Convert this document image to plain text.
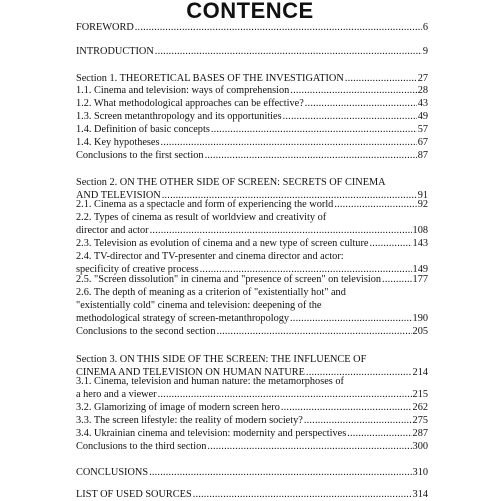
CONTENCE
FOREWORD .....	6
INTRODUCTION .....	9
Section 1. THEORETICAL BASES OF THE INVESTIGATION .....	27
1.1. Cinema and television: ways of comprehension .....	28
1.2. What methodological approaches can be effective? .....	43
1.3. Screen metanthropology and its opportunities .....	49
1.4. Definition of basic concepts .....	57
1.4. Key hypotheses .....	67
Conclusions to the first section .....	87
Section 2. ON THE OTHER SIDE OF SCREEN: SECRETS OF CINEMA
AND TELEVISION .....	91
2.1. Cinema as a spectacle and form of experiencing the world .....	92
2.2. Types of cinema as result of worldview and creativity of
director and actor .....	108
2.3. Television as evolution of cinema and a new type of screen culture .....	143
2.4. TV-director and TV-presenter and cinema director and actor:
specificity of creative process .....	149
2.5. "Screen dissolution" in cinema and "presence of screen" on television .....	177
2.6. The depth of meaning as a criterion of "existentially hot" and
"existentially cold" cinema and television: deepening of the
methodological strategy of screen-metanthropology .....	190
Conclusions to the second section .....	205
Section 3. ON THIS SIDE OF THE SCREEN: THE INFLUENCE OF
CINEMA AND TELEVISION ON HUMAN NATURE .....	214
3.1. Cinema, television and human nature: the metamorphoses of
a hero and a viewer .....	215
3.2. Glamorizing of image of modern screen hero .....	262
3.3. The screen lifestyle: the reality of modern society? .....	275
3.4. Ukrainian cinema and television: modernity and perspectives .....	287
Conclusions to the third section .....	300
CONCLUSIONS .....	310
LIST OF USED SOURCES .....	314
